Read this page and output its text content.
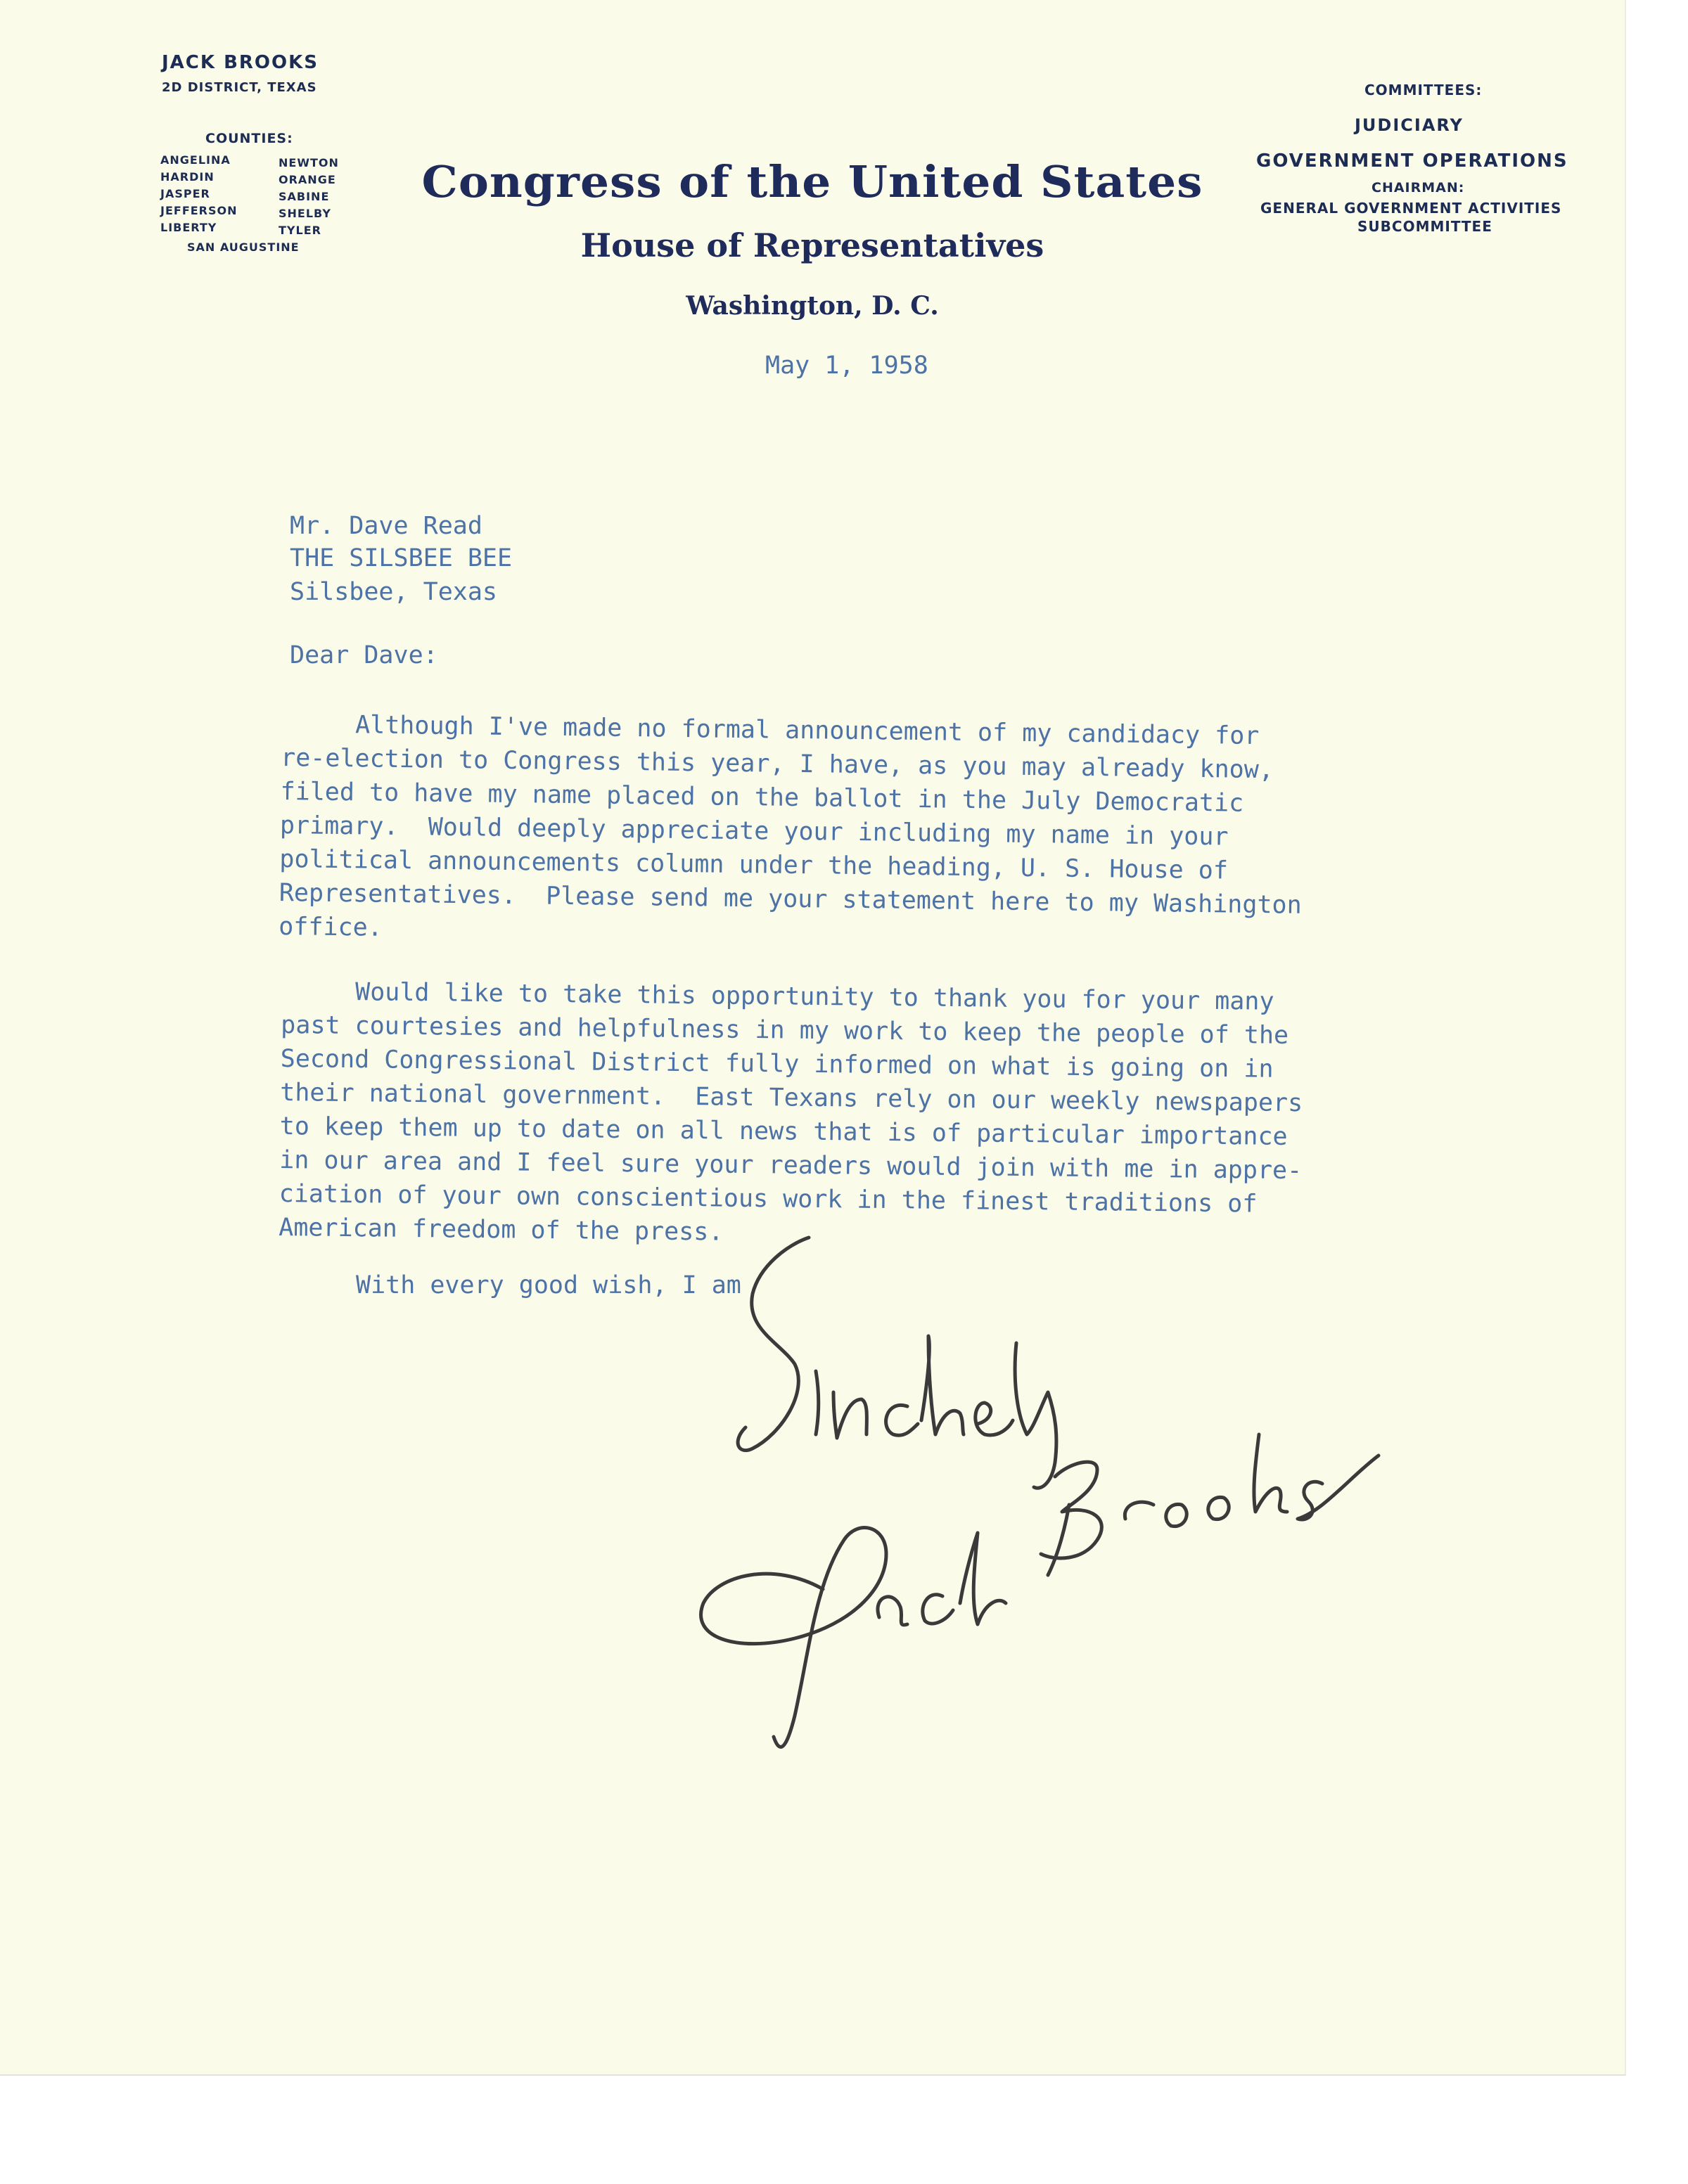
JACK BROOKS
2D DISTRICT, TEXAS
COUNTIES:
ANGELINA
HARDIN
JASPER
JEFFERSON
LIBERTY
NEWTON
ORANGE
SABINE
SHELBY
TYLER
SAN AUGUSTINE
Congress of the United States
House of Representatives
Washington, D. C.
COMMITTEES:
JUDICIARY
GOVERNMENT OPERATIONS
CHAIRMAN:
GENERAL GOVERNMENT ACTIVITIES
SUBCOMMITTEE
May 1, 1958
Mr. Dave Read
THE SILSBEE BEE
Silsbee, Texas
Dear Dave:
Although I've made no formal announcement of my candidacy for
re-election to Congress this year, I have, as you may already know,
filed to have my name placed on the ballot in the July Democratic
primary.  Would deeply appreciate your including my name in your
political announcements column under the heading, U. S. House of
Representatives.  Please send me your statement here to my Washington
office.
Would like to take this opportunity to thank you for your many
past courtesies and helpfulness in my work to keep the people of the
Second Congressional District fully informed on what is going on in
their national government.  East Texans rely on our weekly newspapers
to keep them up to date on all news that is of particular importance
in our area and I feel sure your readers would join with me in appre-
ciation of your own conscientious work in the finest traditions of
American freedom of the press.
With every good wish, I am
